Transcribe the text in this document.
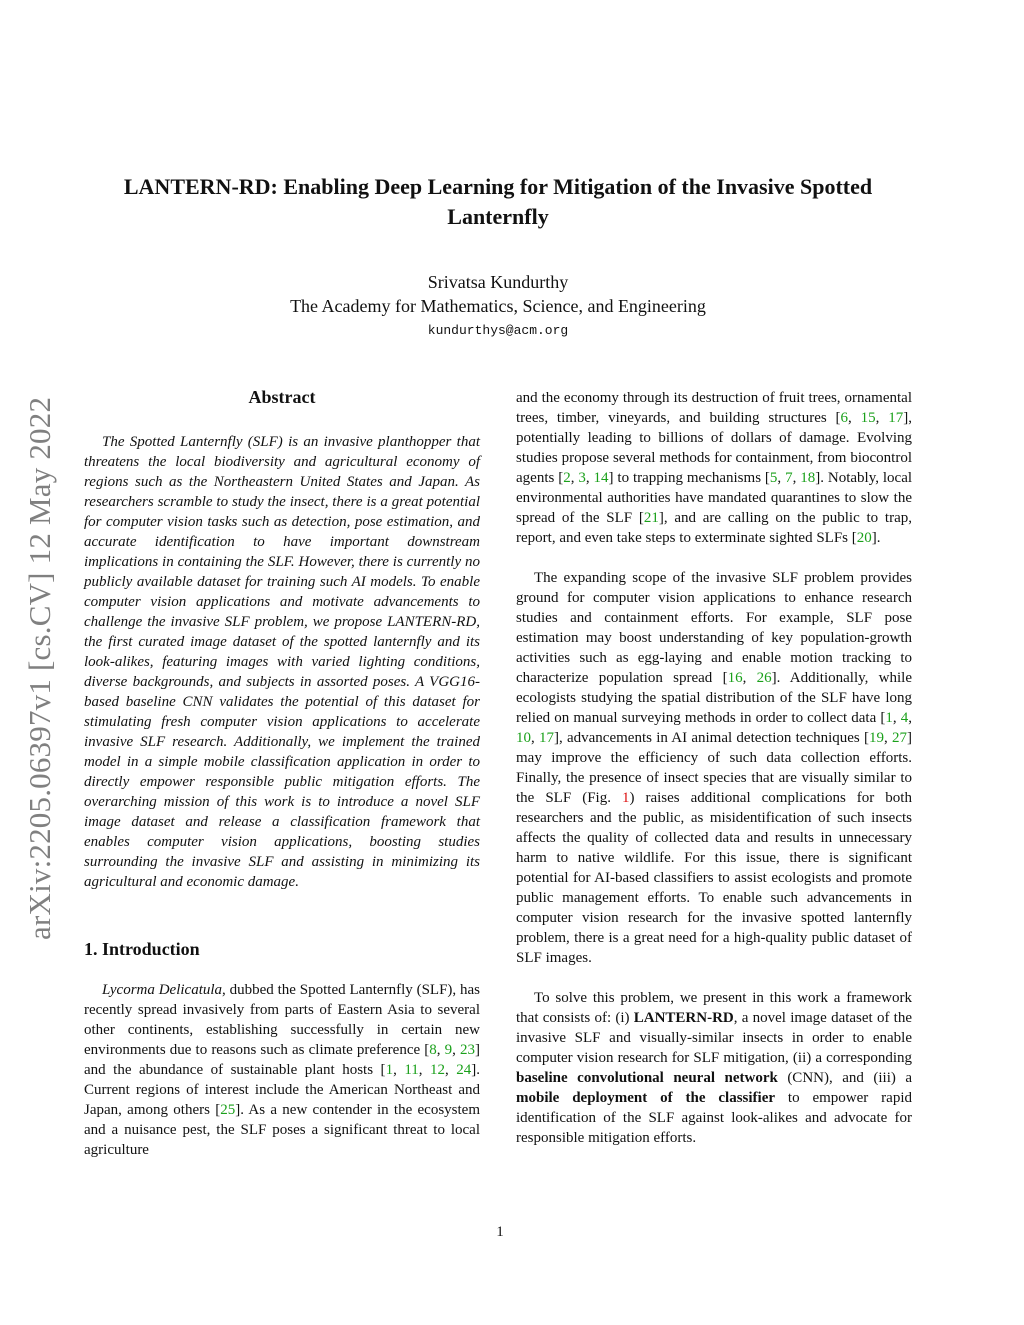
arXiv:2205.06397v1 [cs.CV] 12 May 2022
LANTERN-RD: Enabling Deep Learning for Mitigation of the Invasive Spotted
Lanternfly
Srivatsa Kundurthy
The Academy for Mathematics, Science, and Engineering
kundurthys@acm.org
Abstract

The Spotted Lanternfly (SLF) is an invasive planthopper that threatens the local biodiversity and agricultural economy of regions such as the Northeastern United States and Japan. As researchers scramble to study the insect, there is a great potential for computer vision tasks such as detection, pose estimation, and accurate identification to have important downstream implications in containing the SLF. However, there is currently no publicly available dataset for training such AI models. To enable computer vision applications and motivate advancements to challenge the invasive SLF problem, we propose LANTERN-RD, the first curated image dataset of the spotted lanternfly and its look-alikes, featuring images with varied lighting conditions, diverse backgrounds, and subjects in assorted poses. A VGG16-based baseline CNN validates the potential of this dataset for stimulating fresh computer vision applications to accelerate invasive SLF research. Additionally, we implement the trained model in a simple mobile classification application in order to directly empower responsible public mitigation efforts. The overarching mission of this work is to introduce a novel SLF image dataset and release a classification framework that enables computer vision applications, boosting studies surrounding the invasive SLF and assisting in minimizing its agricultural and economic damage.

1. Introduction

Lycorma Delicatula, dubbed the Spotted Lanternfly (SLF), has recently spread invasively from parts of Eastern Asia to several other continents, establishing successfully in certain new environments due to reasons such as climate preference [8, 9, 23] and the abundance of sustainable plant hosts [1, 11, 12, 24]. Current regions of interest include the American Northeast and Japan, among others [25]. As a new contender in the ecosystem and a nuisance pest, the SLF poses a significant threat to local agriculture

and the economy through its destruction of fruit trees, ornamental trees, timber, vineyards, and building structures [6, 15, 17], potentially leading to billions of dollars of damage. Evolving studies propose several methods for containment, from biocontrol agents [2, 3, 14] to trapping mechanisms [5, 7, 18]. Notably, local environmental authorities have mandated quarantines to slow the spread of the SLF [21], and are calling on the public to trap, report, and even take steps to exterminate sighted SLFs [20].

The expanding scope of the invasive SLF problem provides ground for computer vision applications to enhance research studies and containment efforts. For example, SLF pose estimation may boost understanding of key population-growth activities such as egg-laying and enable motion tracking to characterize population spread [16, 26]. Additionally, while ecologists studying the spatial distribution of the SLF have long relied on manual surveying methods in order to collect data [1, 4, 10, 17], advancements in AI animal detection techniques [19, 27] may improve the efficiency of such data collection efforts. Finally, the presence of insect species that are visually similar to the SLF (Fig. 1) raises additional complications for both researchers and the public, as misidentification of such insects affects the quality of collected data and results in unnecessary harm to native wildlife. For this issue, there is significant potential for AI-based classifiers to assist ecologists and promote public management efforts. To enable such advancements in computer vision research for the invasive spotted lanternfly problem, there is a great need for a high-quality public dataset of SLF images.

To solve this problem, we present in this work a framework that consists of: (i) LANTERN-RD, a novel image dataset of the invasive SLF and visually-similar insects in order to enable computer vision research for SLF mitigation, (ii) a corresponding baseline convolutional neural network (CNN), and (iii) a mobile deployment of the classifier to empower rapid identification of the SLF against look-alikes and advocate for responsible mitigation efforts.

1
